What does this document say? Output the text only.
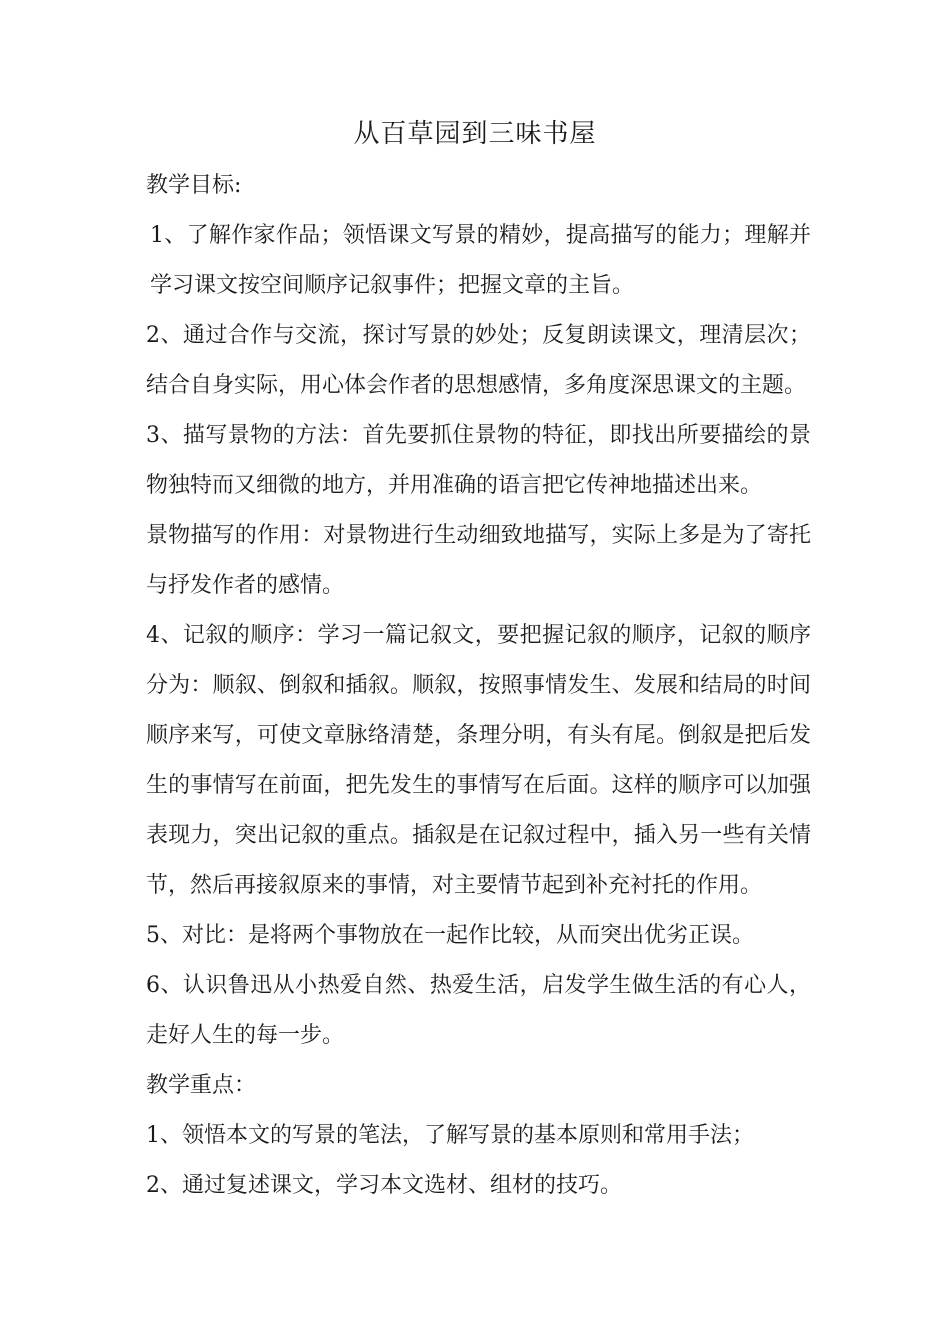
从百草园到三味书屋

教学目标:

1、了解作家作品；领悟课文写景的精妙，提高描写的能力；理解并学习课文按空间顺序记叙事件；把握文章的主旨。

2、通过合作与交流，探讨写景的妙处；反复朗读课文，理清层次；结合自身实际，用心体会作者的思想感情，多角度深思课文的主题。

3、描写景物的方法：首先要抓住景物的特征，即找出所要描绘的景物独特而又细微的地方，并用准确的语言把它传神地描述出来。

景物描写的作用：对景物进行生动细致地描写，实际上多是为了寄托与抒发作者的感情。

4、记叙的顺序：学习一篇记叙文，要把握记叙的顺序，记叙的顺序分为：顺叙、倒叙和插叙。顺叙，按照事情发生、发展和结局的时间顺序来写，可使文章脉络清楚，条理分明，有头有尾。倒叙是把后发生的事情写在前面，把先发生的事情写在后面。这样的顺序可以加强表现力，突出记叙的重点。插叙是在记叙过程中，插入另一些有关情节，然后再接叙原来的事情，对主要情节起到补充衬托的作用。

5、对比：是将两个事物放在一起作比较，从而突出优劣正误。

6、认识鲁迅从小热爱自然、热爱生活，启发学生做生活的有心人，走好人生的每一步。

教学重点：

1、领悟本文的写景的笔法，了解写景的基本原则和常用手法；

2、通过复述课文，学习本文选材、组材的技巧。
